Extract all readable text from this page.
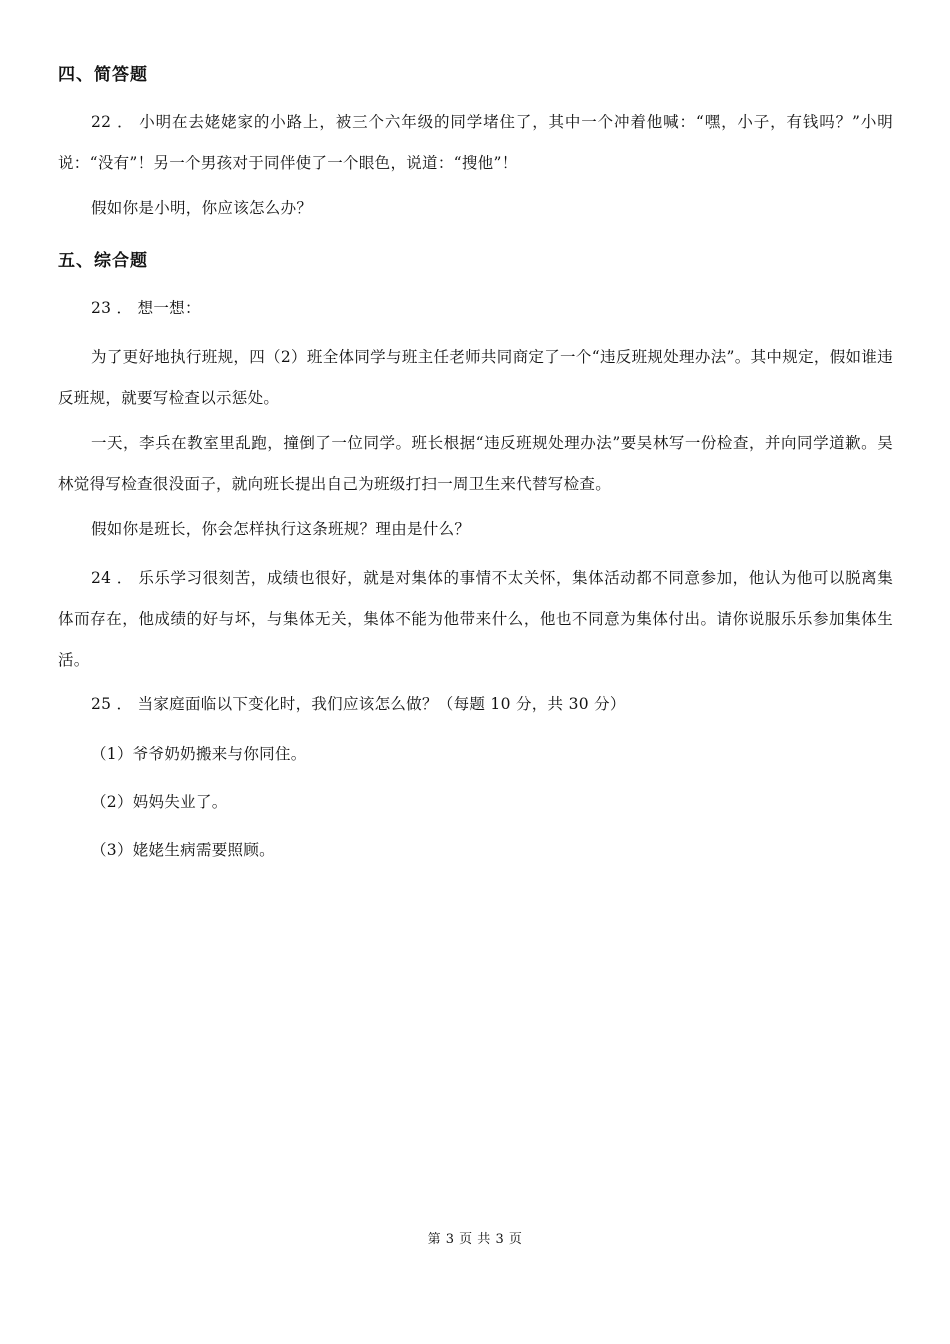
四、简答题

22 ． 小明在去姥姥家的小路上，被三个六年级的同学堵住了，其中一个冲着他喊：“嘿，小子，有钱吗？”小明说：“没有”！另一个男孩对于同伴使了一个眼色，说道：“搜他”！

假如你是小明，你应该怎么办？

五、综合题

23 ． 想一想：

为了更好地执行班规，四（2）班全体同学与班主任老师共同商定了一个“违反班规处理办法”。其中规定，假如谁违反班规，就要写检查以示惩处。

一天，李兵在教室里乱跑，撞倒了一位同学。班长根据“违反班规处理办法”要吴林写一份检查，并向同学道歉。吴林觉得写检查很没面子，就向班长提出自己为班级打扫一周卫生来代替写检查。

假如你是班长，你会怎样执行这条班规？理由是什么？

24 ． 乐乐学习很刻苦，成绩也很好，就是对集体的事情不太关怀，集体活动都不同意参加，他认为他可以脱离集体而存在，他成绩的好与坏，与集体无关，集体不能为他带来什么，他也不同意为集体付出。请你说服乐乐参加集体生活。

25 ． 当家庭面临以下变化时，我们应该怎么做？（每题 10 分，共 30 分）

（1）爷爷奶奶搬来与你同住。

（2）妈妈失业了。

（3）姥姥生病需要照顾。

第 3 页 共 3 页
